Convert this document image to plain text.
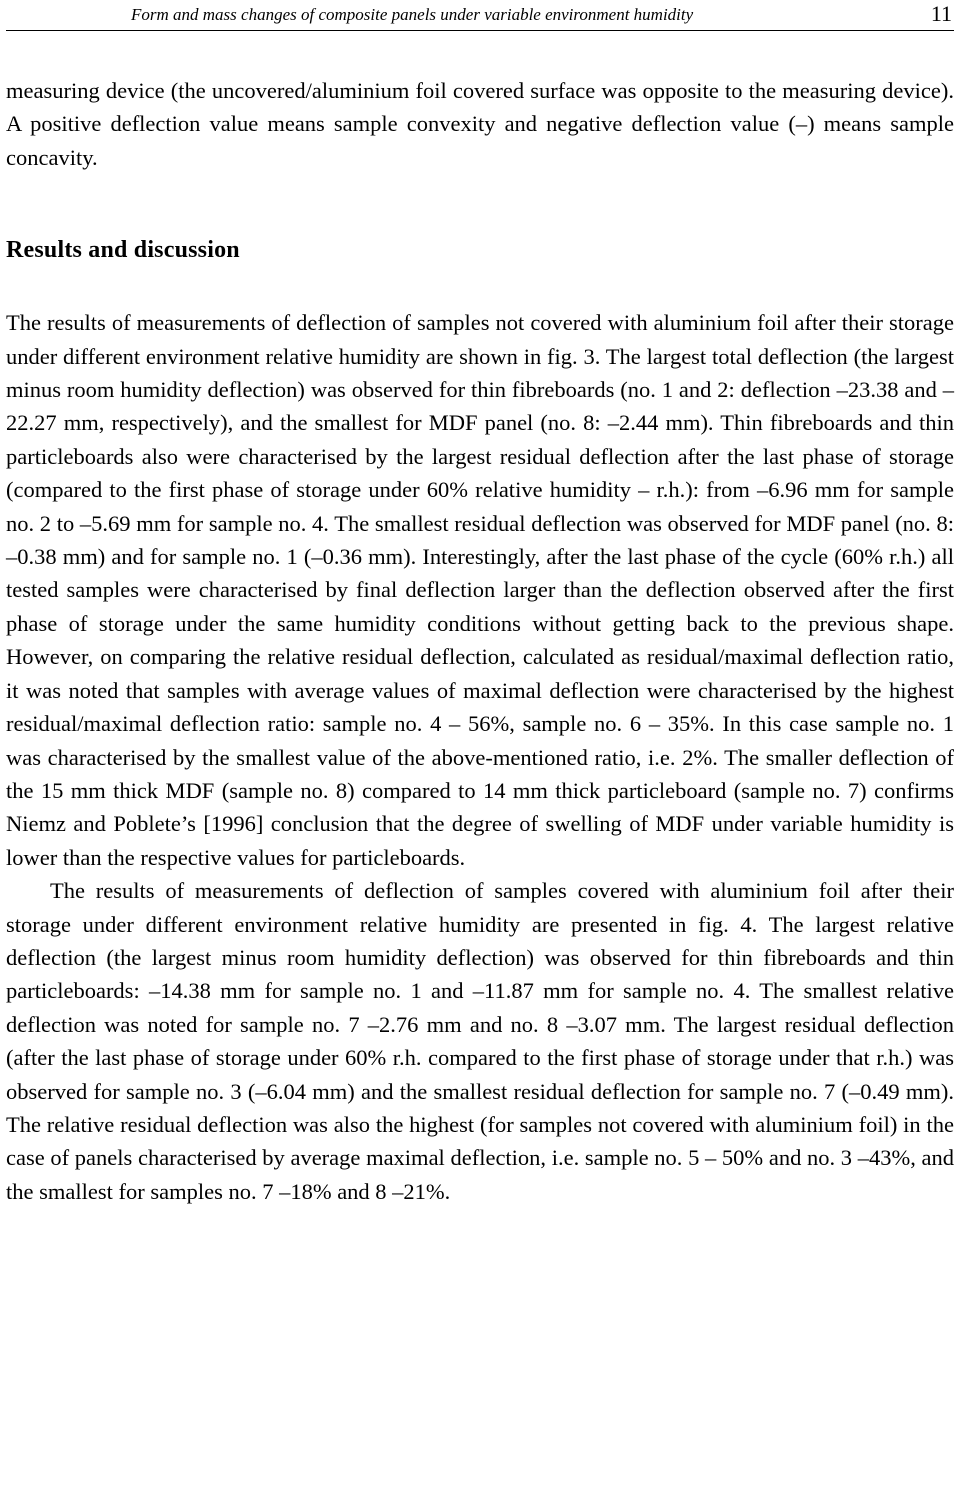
Form and mass changes of composite panels under variable environment humidity	11

measuring device (the uncovered/aluminium foil covered surface was opposite to the measuring device). A positive deflection value means sample convexity and negative deflection value (–) means sample concavity.

Results and discussion

The results of measurements of deflection of samples not covered with aluminium foil after their storage under different environment relative humidity are shown in fig. 3. The largest total deflection (the largest minus room humidity deflection) was observed for thin fibreboards (no. 1 and 2: deflection –23.38 and –22.27 mm, respectively), and the smallest for MDF panel (no. 8: –2.44 mm). Thin fibreboards and thin particleboards also were characterised by the largest residual deflection after the last phase of storage (compared to the first phase of storage under 60% relative humidity – r.h.): from –6.96 mm for sample no. 2 to –5.69 mm for sample no. 4. The smallest residual deflection was observed for MDF panel (no. 8: –0.38 mm) and for sample no. 1 (–0.36 mm). Interestingly, after the last phase of the cycle (60% r.h.) all tested samples were characterised by final deflection larger than the deflection observed after the first phase of storage under the same humidity conditions without getting back to the previous shape. However, on comparing the relative residual deflection, calculated as residual/maximal deflection ratio, it was noted that samples with average values of maximal deflection were characterised by the highest residual/maximal deflection ratio: sample no. 4 – 56%, sample no. 6 – 35%. In this case sample no. 1 was characterised by the smallest value of the above-mentioned ratio, i.e. 2%. The smaller deflection of the 15 mm thick MDF (sample no. 8) compared to 14 mm thick particleboard (sample no. 7) confirms Niemz and Poblete’s [1996] conclusion that the degree of swelling of MDF under variable humidity is lower than the respective values for particleboards.

The results of measurements of deflection of samples covered with aluminium foil after their storage under different environment relative humidity are presented in fig. 4. The largest relative deflection (the largest minus room humidity deflection) was observed for thin fibreboards and thin particleboards: –14.38 mm for sample no. 1 and –11.87 mm for sample no. 4. The smallest relative deflection was noted for sample no. 7 –2.76 mm and no. 8 –3.07 mm. The largest residual deflection (after the last phase of storage under 60% r.h. compared to the first phase of storage under that r.h.) was observed for sample no. 3 (–6.04 mm) and the smallest residual deflection for sample no. 7 (–0.49 mm). The relative residual deflection was also the highest (for samples not covered with aluminium foil) in the case of panels characterised by average maximal deflection, i.e. sample no. 5 – 50% and no. 3 –43%, and the smallest for samples no. 7 –18% and 8 –21%.
